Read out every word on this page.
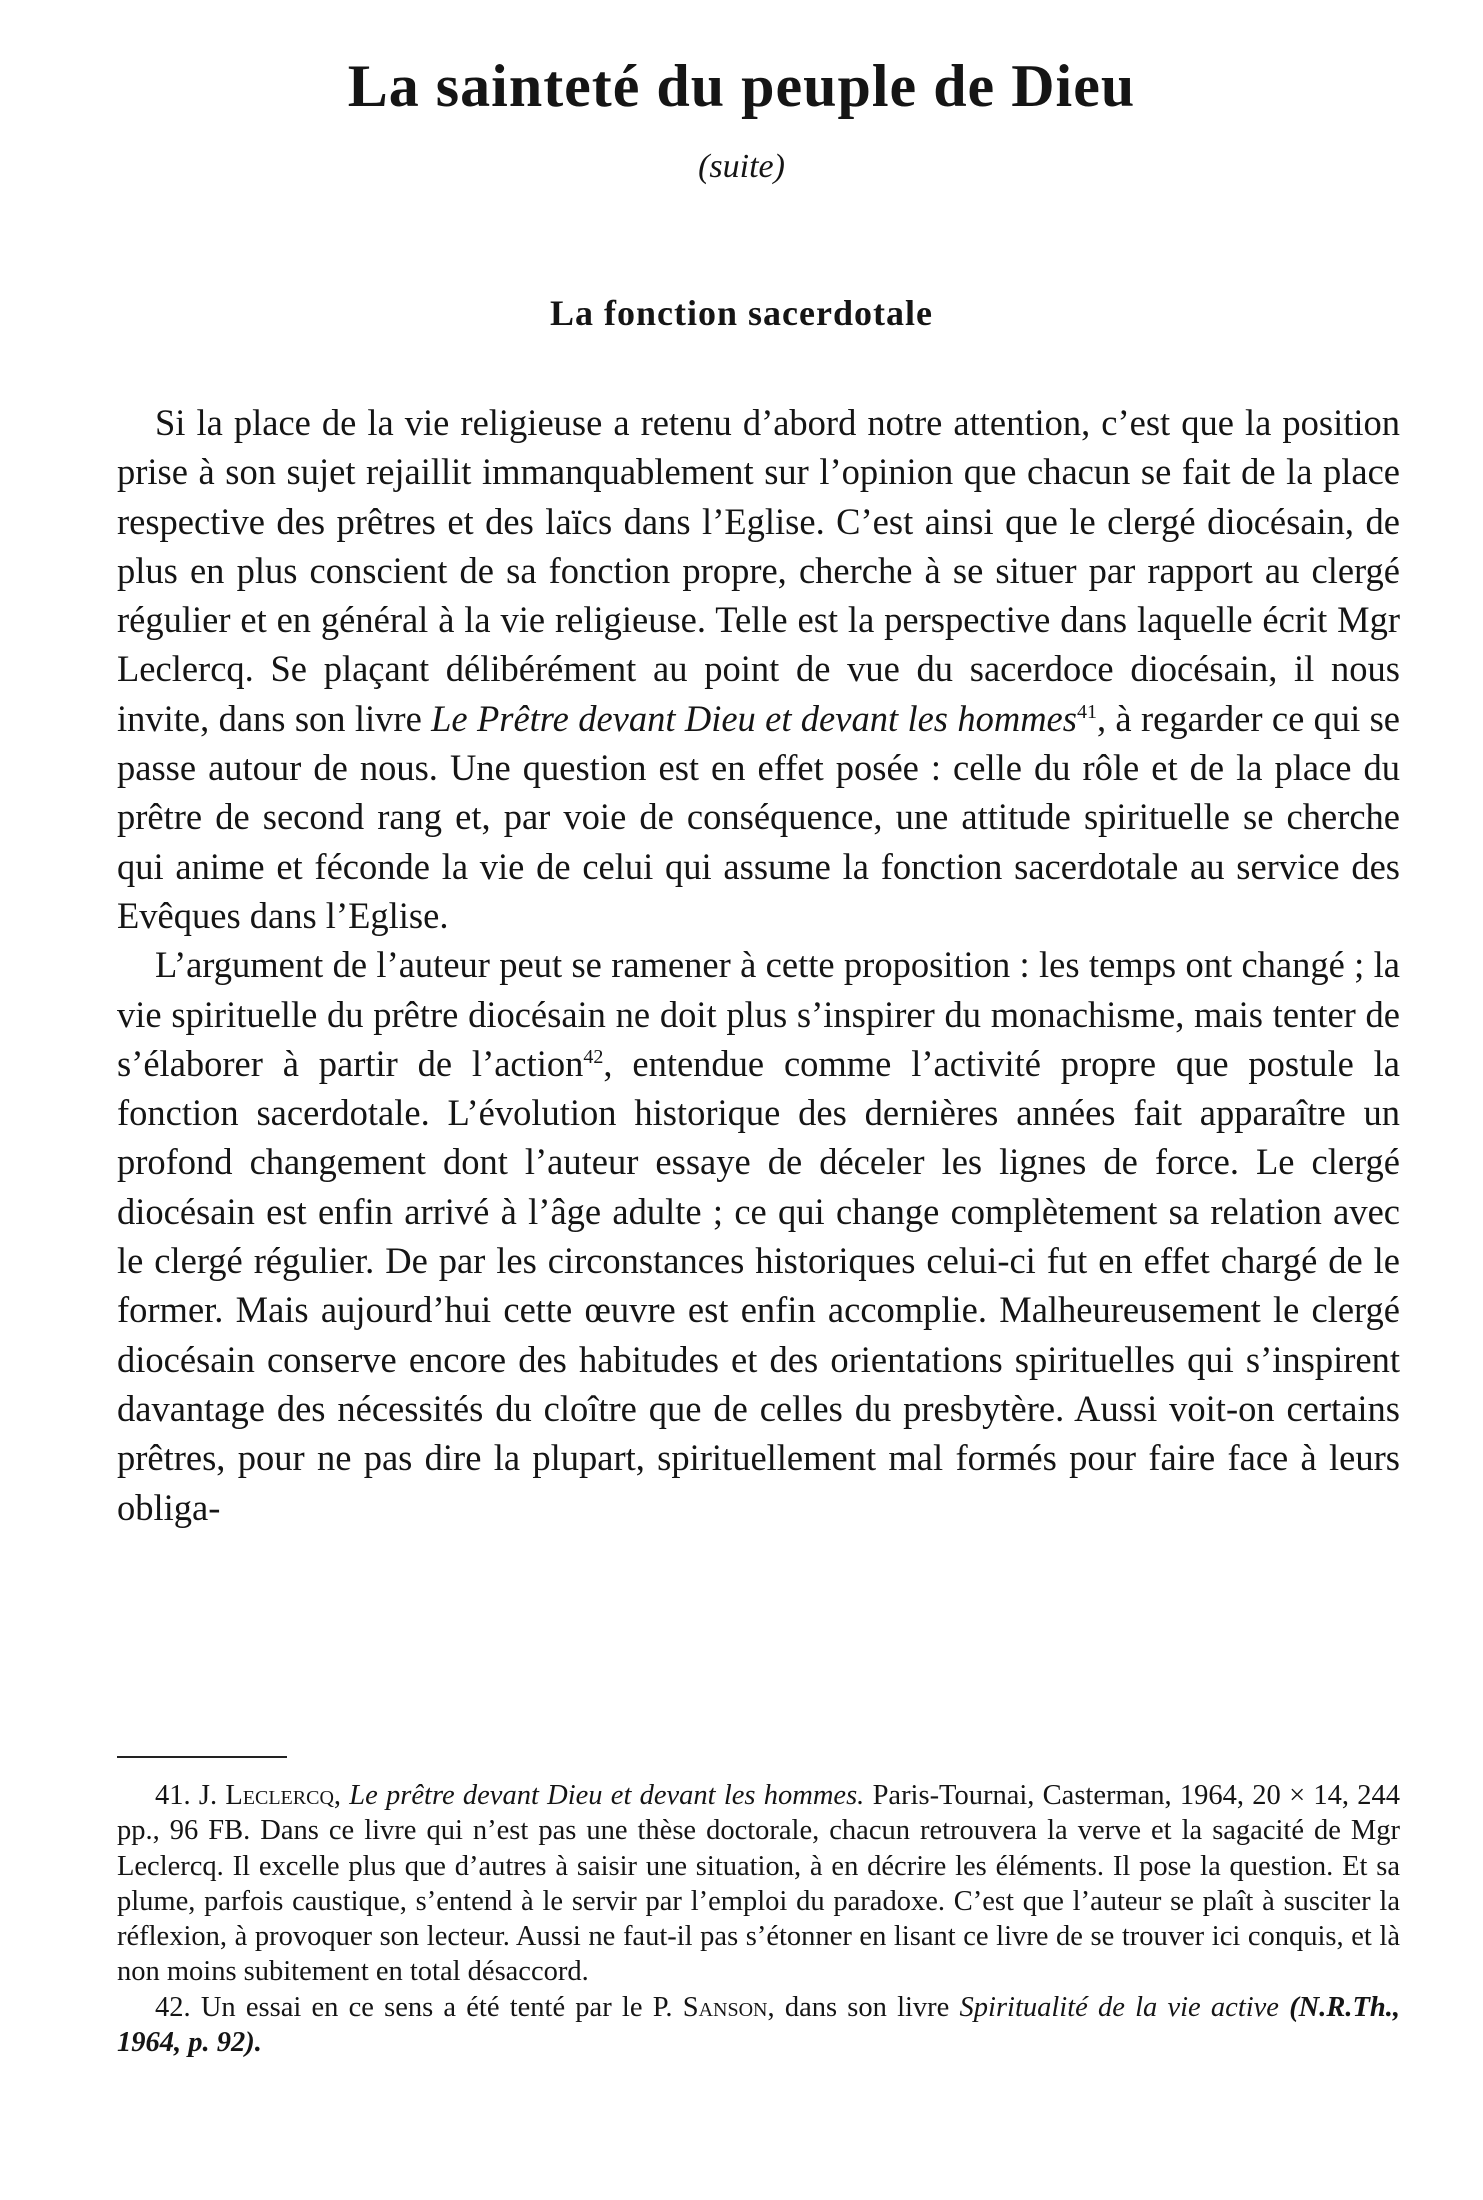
La sainteté du peuple de Dieu
(suite)
La fonction sacerdotale

Si la place de la vie religieuse a retenu d’abord notre attention, c’est que la position prise à son sujet rejaillit immanquablement sur l’opinion que chacun se fait de la place respective des prêtres et des laïcs dans l’Eglise. C’est ainsi que le clergé diocésain, de plus en plus conscient de sa fonction propre, cherche à se situer par rapport au clergé régulier et en général à la vie religieuse. Telle est la perspective dans laquelle écrit Mgr Leclercq. Se plaçant délibérément au point de vue du sacerdoce diocésain, il nous invite, dans son livre Le Prêtre devant Dieu et devant les hommes$^{41}$, à regarder ce qui se passe autour de nous. Une question est en effet posée : celle du rôle et de la place du prêtre de second rang et, par voie de conséquence, une attitude spirituelle se cherche qui anime et féconde la vie de celui qui assume la fonction sacerdotale au service des Evêques dans l’Eglise.

L’argument de l’auteur peut se ramener à cette proposition : les temps ont changé ; la vie spirituelle du prêtre diocésain ne doit plus s’inspirer du monachisme, mais tenter de s’élaborer à partir de l’action$^{42}$, entendue comme l’activité propre que postule la fonction sacerdotale. L’évolution historique des dernières années fait apparaître un profond changement dont l’auteur essaye de déceler les lignes de force. Le clergé diocésain est enfin arrivé à l’âge adulte ; ce qui change complètement sa relation avec le clergé régulier. De par les circonstances historiques celui-ci fut en effet chargé de le former. Mais aujourd’hui cette œuvre est enfin accomplie. Malheureusement le clergé diocésain conserve encore des habitudes et des orientations spirituelles qui s’inspirent davantage des nécessités du cloître que de celles du presbytère. Aussi voit-on certains prêtres, pour ne pas dire la plupart, spirituellement mal formés pour faire face à leurs obliga-

41. J. Leclercq, Le prêtre devant Dieu et devant les hommes. Paris-Tournai, Casterman, 1964, 20 × 14, 244 pp., 96 FB. Dans ce livre qui n’est pas une thèse doctorale, chacun retrouvera la verve et la sagacité de Mgr Leclercq. Il excelle plus que d’autres à saisir une situation, à en décrire les éléments. Il pose la question. Et sa plume, parfois caustique, s’entend à le servir par l’emploi du paradoxe. C’est que l’auteur se plaît à susciter la réflexion, à provoquer son lecteur. Aussi ne faut-il pas s’étonner en lisant ce livre de se trouver ici conquis, et là non moins subitement en total désaccord.

42. Un essai en ce sens a été tenté par le P. Sanson, dans son livre Spiritualité de la vie active (N.R.Th., 1964, p. 92).
